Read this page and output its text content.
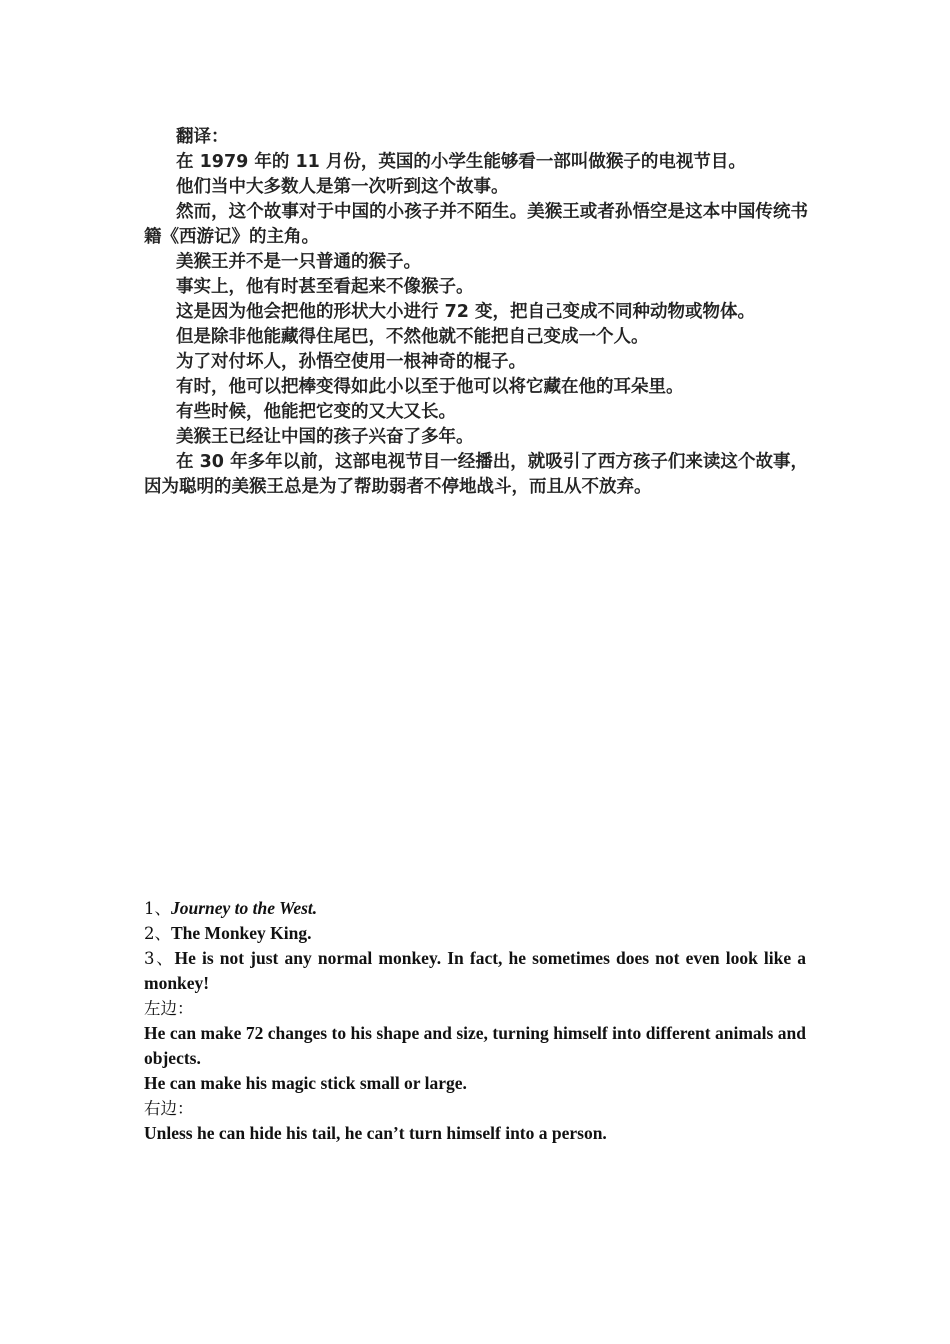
翻译：

在 1979 年的 11 月份，英国的小学生能够看一部叫做猴子的电视节目。

他们当中大多数人是第一次听到这个故事。

然而，这个故事对于中国的小孩子并不陌生。美猴王或者孙悟空是这本中国传统书籍《西游记》的主角。

美猴王并不是一只普通的猴子。

事实上，他有时甚至看起来不像猴子。

这是因为他会把他的形状大小进行 72 变，把自己变成不同种动物或物体。

但是除非他能藏得住尾巴，不然他就不能把自己变成一个人。

为了对付坏人，孙悟空使用一根神奇的棍子。

有时，他可以把棒变得如此小以至于他可以将它藏在他的耳朵里。

有些时候，他能把它变的又大又长。

美猴王已经让中国的孩子兴奋了多年。

在 30 年多年以前，这部电视节目一经播出，就吸引了西方孩子们来读这个故事，因为聪明的美猴王总是为了帮助弱者不停地战斗，而且从不放弃。

1、Journey to the West.

2、The Monkey King.

3、He is not just any normal monkey. In fact, he sometimes does not even look like a monkey!

左边：

He can make 72 changes to his shape and size, turning himself into different animals and objects.

He can make his magic stick small or large.

右边：

Unless he can hide his tail, he can’t turn himself into a person.
